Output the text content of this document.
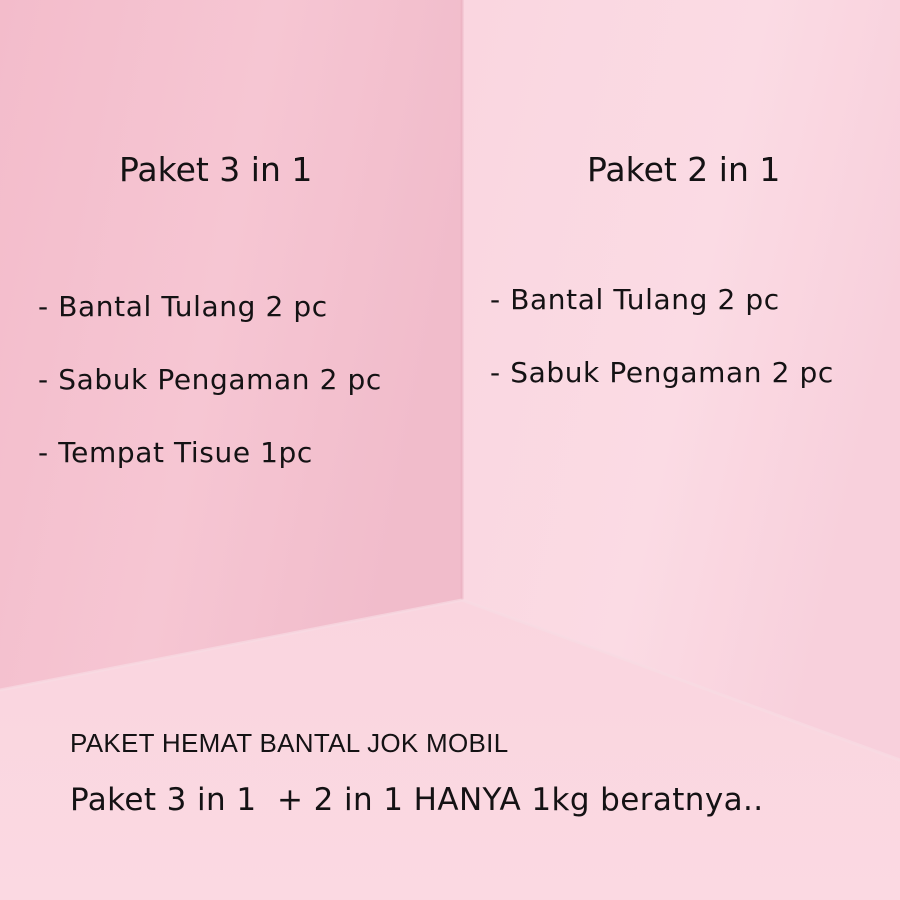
Paket 3 in 1
- Bantal Tulang 2 pc
- Sabuk Pengaman 2 pc
- Tempat Tisue 1pc
Paket 2 in 1
- Bantal Tulang 2 pc
- Sabuk Pengaman 2 pc
PAKET HEMAT BANTAL JOK MOBIL
Paket 3 in 1  + 2 in 1 HANYA 1kg beratnya..
